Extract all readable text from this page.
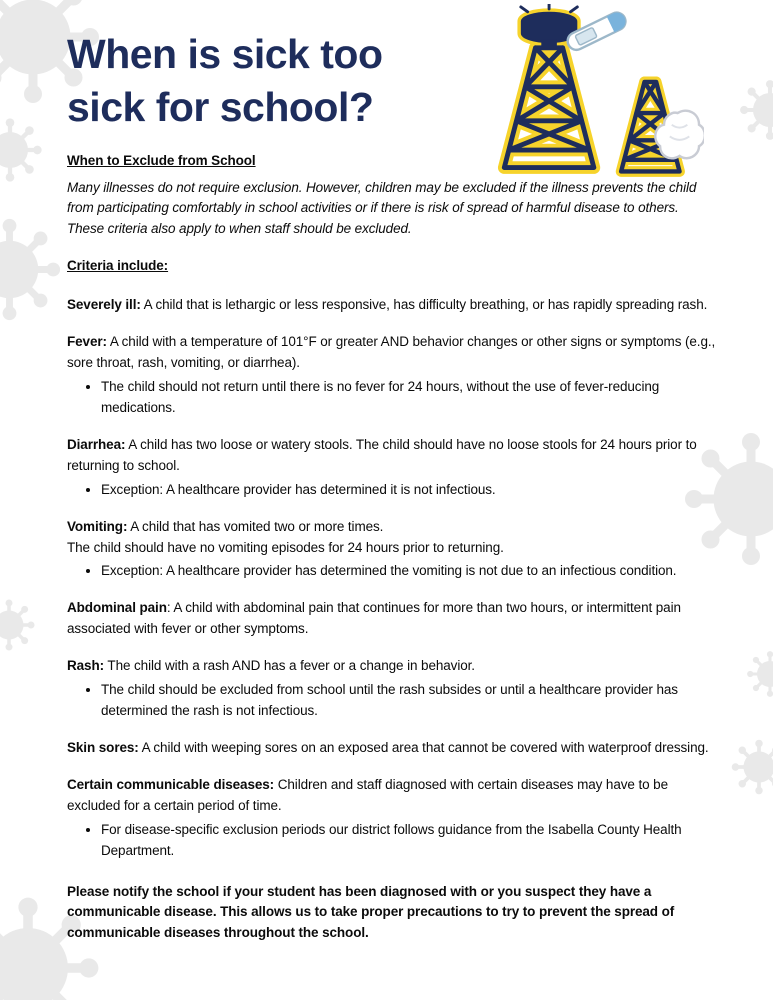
When is sick too
sick for school?

When to Exclude from School

Many illnesses do not require exclusion. However, children may be excluded if the illness prevents the child from participating comfortably in school activities or if there is risk of spread of harmful disease to others. These criteria also apply to when staff should be excluded.

Criteria include:

Severely ill: A child that is lethargic or less responsive, has difficulty breathing, or has rapidly spreading rash.

Fever: A child with a temperature of 101°F or greater AND behavior changes or other signs or symptoms (e.g., sore throat, rash, vomiting, or diarrhea).

• The child should not return until there is no fever for 24 hours, without the use of fever-reducing medications.

Diarrhea: A child has two loose or watery stools. The child should have no loose stools for 24 hours prior to returning to school.

• Exception: A healthcare provider has determined it is not infectious.

Vomiting: A child that has vomited two or more times.

The child should have no vomiting episodes for 24 hours prior to returning.

• Exception: A healthcare provider has determined the vomiting is not due to an infectious condition.

Abdominal pain: A child with abdominal pain that continues for more than two hours, or intermittent pain associated with fever or other symptoms.

Rash: The child with a rash AND has a fever or a change in behavior.

• The child should be excluded from school until the rash subsides or until a healthcare provider has determined the rash is not infectious.

Skin sores: A child with weeping sores on an exposed area that cannot be covered with waterproof dressing.

Certain communicable diseases: Children and staff diagnosed with certain diseases may have to be excluded for a certain period of time.

• For disease-specific exclusion periods our district follows guidance from the Isabella County Health Department.

Please notify the school if your student has been diagnosed with or you suspect they have a communicable disease. This allows us to take proper precautions to try to prevent the spread of communicable diseases throughout the school.
